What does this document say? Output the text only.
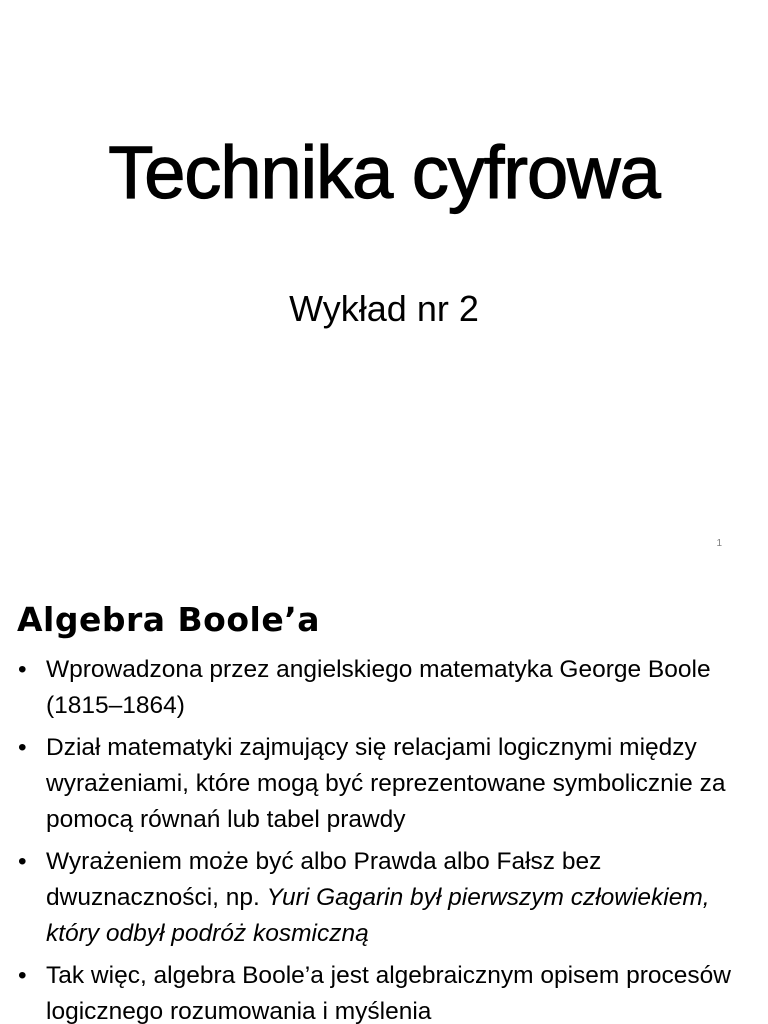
Technika cyfrowa
Wykład nr 2
1
Algebra Boole’a
• Wprowadzona przez angielskiego matematyka George Boole (1815–1864)
• Dział matematyki zajmujący się relacjami logicznymi między wyrażeniami, które mogą być reprezentowane symbolicznie za pomocą równań lub tabel prawdy
• Wyrażeniem może być albo Prawda albo Fałsz bez dwuznaczności, np. Yuri Gagarin był pierwszym człowiekiem, który odbył podróż kosmiczną
• Tak więc, algebra Boole’a jest algebraicznym opisem procesów logicznego rozumowania i myślenia
